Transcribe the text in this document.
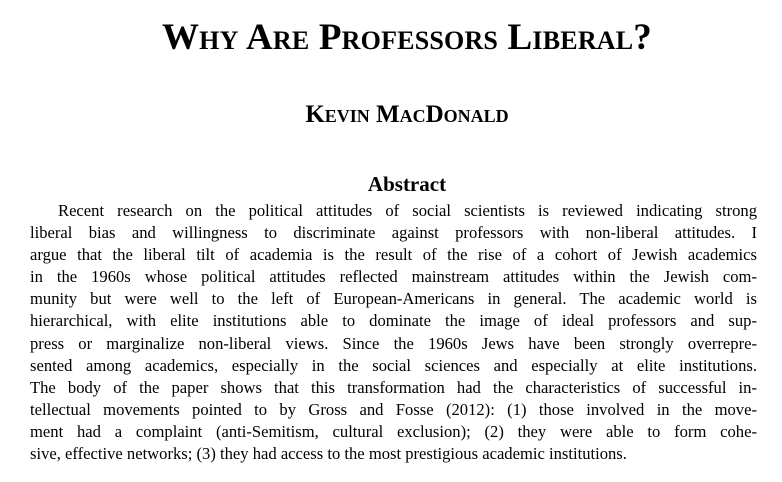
Why Are Professors Liberal?
Kevin MacDonald
Abstract
Recent research on the political attitudes of social scientists is reviewed indicating strong
liberal bias and willingness to discriminate against professors with non-liberal attitudes. I
argue that the liberal tilt of academia is the result of the rise of a cohort of Jewish academics
in the 1960s whose political attitudes reflected mainstream attitudes within the Jewish com-
munity but were well to the left of European-Americans in general. The academic world is
hierarchical, with elite institutions able to dominate the image of ideal professors and sup-
press or marginalize non-liberal views. Since the 1960s Jews have been strongly overrepre-
sented among academics, especially in the social sciences and especially at elite institutions.
The body of the paper shows that this transformation had the characteristics of successful in-
tellectual movements pointed to by Gross and Fosse (2012): (1) those involved in the move-
ment had a complaint (anti-Semitism, cultural exclusion); (2) they were able to form cohe-
sive, effective networks; (3) they had access to the most prestigious academic institutions.
